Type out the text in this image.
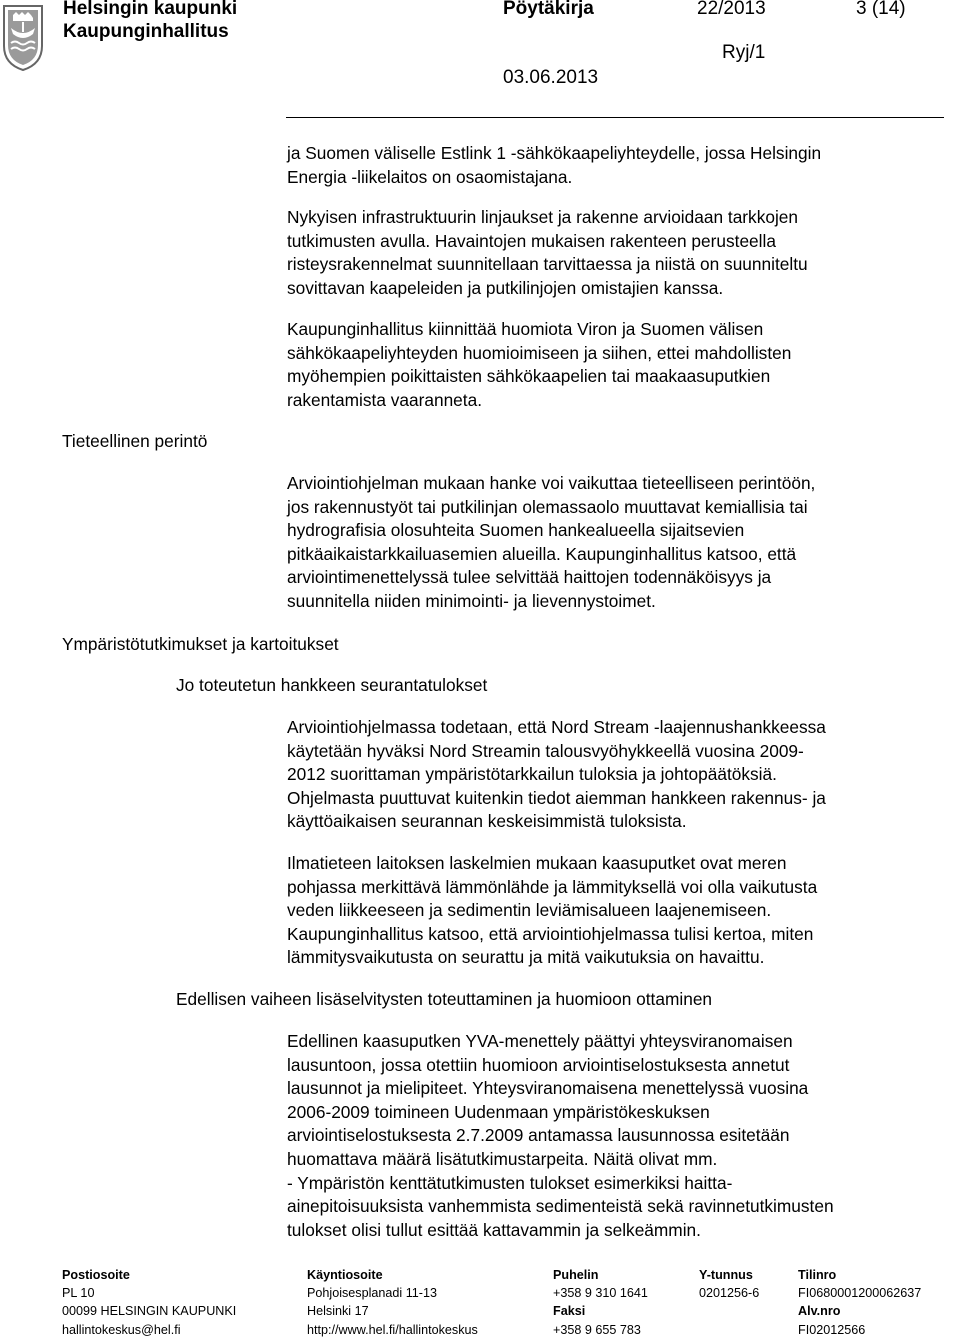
Helsingin kaupunki
Kaupunginhallitus
Pöytäkirja	22/2013	3 (14)
Ryj/1
03.06.2013
Tieteellinen perintö
Ympäristötutkimukset ja kartoitukset
Jo toteutetun hankkeen seurantatulokset
Edellisen vaiheen lisäselvitysten toteuttaminen ja huomioon ottaminen
ja Suomen väliselle Estlink 1 -sähkökaapeliyhteydelle, jossa Helsingin
Energia -liikelaitos on osaomistajana.
Nykyisen infrastruktuurin linjaukset ja rakenne arvioidaan tarkkojen
tutkimusten avulla. Havaintojen mukaisen rakenteen perusteella
risteysrakennelmat suunnitellaan tarvittaessa ja niistä on suunniteltu
sovittavan kaapeleiden ja putkilinjojen omistajien kanssa.
Kaupunginhallitus kiinnittää huomiota Viron ja Suomen välisen
sähkökaapeliyhteyden huomioimiseen ja siihen, ettei mahdollisten
myöhempien poikittaisten sähkökaapelien tai maakaasuputkien
rakentamista vaaranneta.
Arviointiohjelman mukaan hanke voi vaikuttaa tieteelliseen perintöön,
jos rakennustyöt tai putkilinjan olemassaolo muuttavat kemiallisia tai
hydrografisia olosuhteita Suomen hankealueella sijaitsevien
pitkäaikaistarkkailuasemien alueilla. Kaupunginhallitus katsoo, että
arviointimenettelyssä tulee selvittää haittojen todennäköisyys ja
suunnitella niiden minimointi- ja lievennystoimet.
Arviointiohjelmassa todetaan, että Nord Stream -laajennushankkeessa
käytetään hyväksi Nord Streamin talousvyöhykkeellä vuosina 2009-
2012 suorittaman ympäristötarkkailun tuloksia ja johtopäätöksiä.
Ohjelmasta puuttuvat kuitenkin tiedot aiemman hankkeen rakennus- ja
käyttöaikaisen seurannan keskeisimmistä tuloksista.
Ilmatieteen laitoksen laskelmien mukaan kaasuputket ovat meren
pohjassa merkittävä lämmönlähde ja lämmityksellä voi olla vaikutusta
veden liikkeeseen ja sedimentin leviämisalueen laajenemiseen.
Kaupunginhallitus katsoo, että arviointiohjelmassa tulisi kertoa, miten
lämmitysvaikutusta on seurattu ja mitä vaikutuksia on havaittu.
Edellinen kaasuputken YVA-menettely päättyi yhteysviranomaisen
lausuntoon, jossa otettiin huomioon arviointiselostuksesta annetut
lausunnot ja mielipiteet. Yhteysviranomaisena menettelyssä vuosina
2006-2009 toimineen Uudenmaan ympäristökeskuksen
arviointiselostuksesta 2.7.2009 antamassa lausunnossa esitetään
huomattava määrä lisätutkimustarpeita. Näitä olivat mm.
- Ympäristön kenttätutkimusten tulokset esimerkiksi haitta-
ainepitoisuuksista vanhemmista sedimenteistä sekä ravinnetutkimusten
tulokset olisi tullut esittää kattavammin ja selkeämmin.
Postiosoite
PL 10
00099 HELSINGIN KAUPUNKI
hallintokeskus@hel.fi
Käyntiosoite
Pohjoisesplanadi 11-13
Helsinki 17
http://www.hel.fi/hallintokeskus
Puhelin
+358 9 310 1641
Faksi
+358 9 655 783
Y-tunnus
0201256-6
Tilinro
FI0680001200062637
Alv.nro
FI02012566
